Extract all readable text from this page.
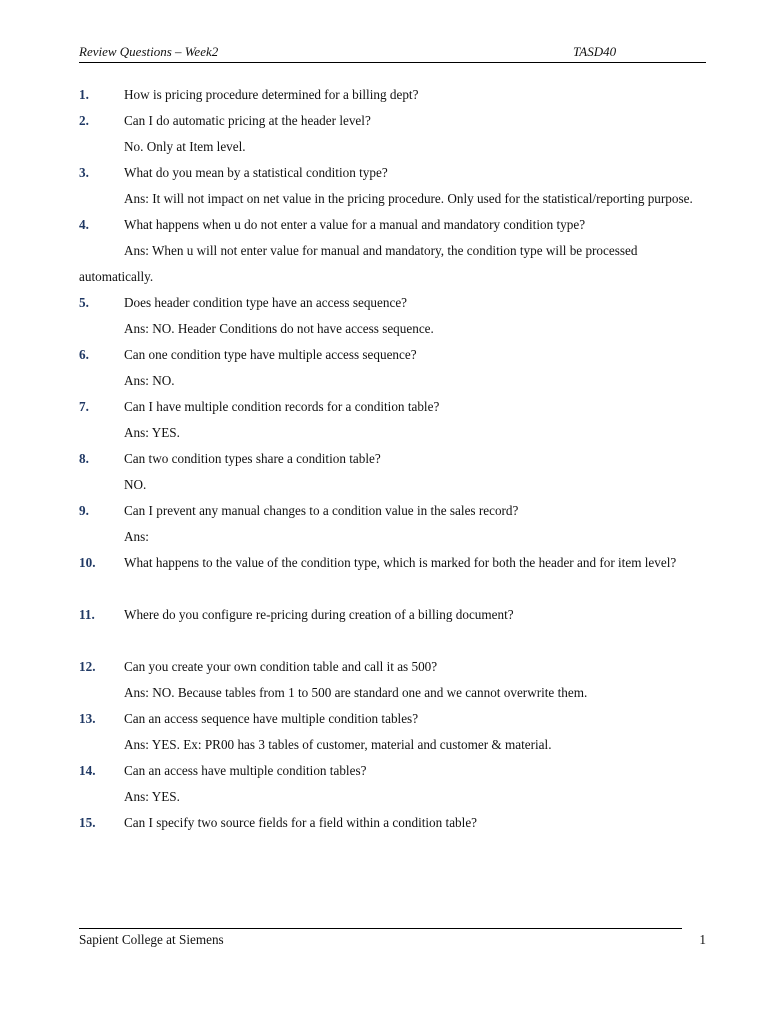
Review Questions – Week2	TASD40

1.	How is pricing procedure determined for a billing dept?

2.	Can I do automatic pricing at the header level?

No. Only at Item level.

3.	What do you mean by a statistical condition type?

Ans: It will not impact on net value in the pricing procedure. Only used for the statistical/reporting purpose.

4.	What happens when u do not enter a value for a manual and mandatory condition type?

Ans: When u will not enter value for manual and mandatory, the condition type will be processed automatically.

5.	Does header condition type have an access sequence?

Ans: NO. Header Conditions do not have access sequence.

6.	Can one condition type have multiple access sequence?

Ans: NO.

7.	Can I have multiple condition records for a condition table?

Ans: YES.

8.	Can two condition types share a condition table?

NO.

9.	Can I prevent any manual changes to a condition value in the sales record?

Ans:

10. What happens to the value of the condition type, which is marked for both the header and for item level?

11. Where do you configure re-pricing during creation of a billing document?

12. Can you create your own condition table and call it as 500?

Ans: NO. Because tables from 1 to 500 are standard one and we cannot overwrite them.

13. Can an access sequence have multiple condition tables?

Ans: YES. Ex: PR00 has 3 tables of customer, material and customer & material.

14. Can an access have multiple condition tables?

Ans: YES.

15. Can I specify two source fields for a field within a condition table?

Sapient College at Siemens	1
